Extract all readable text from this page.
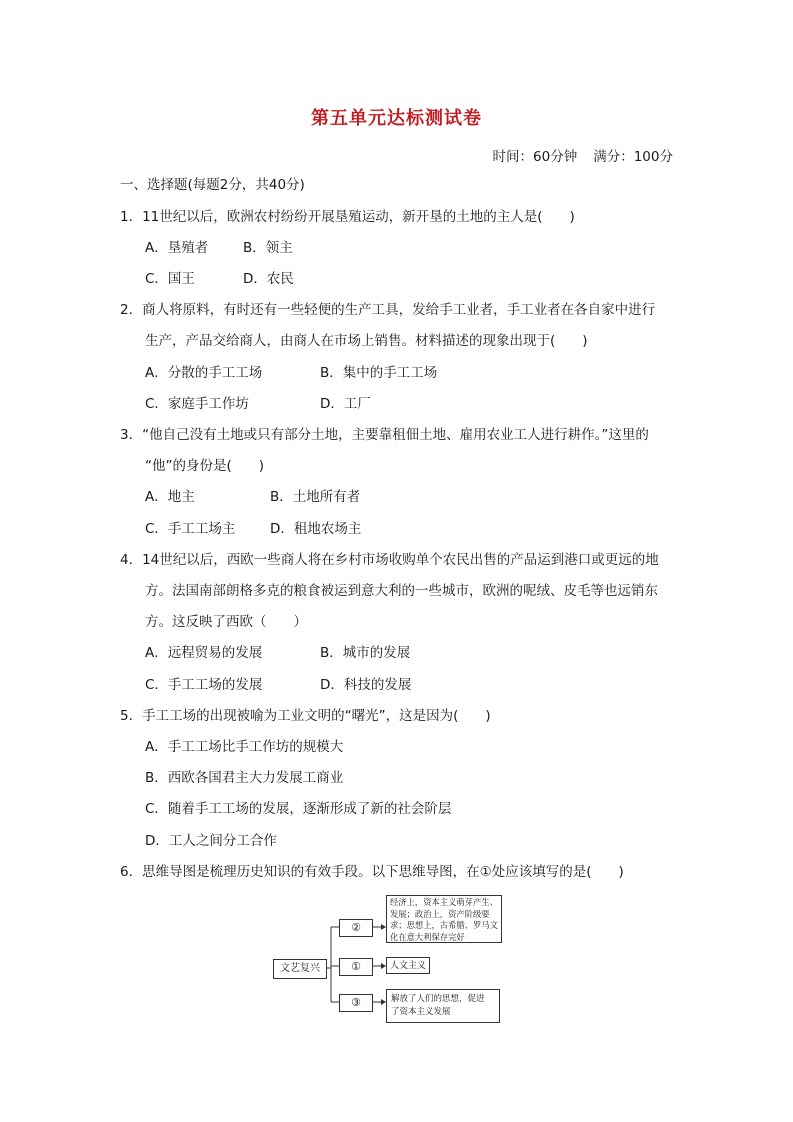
第五单元达标测试卷
时间：60分钟 满分：100分
一、选择题(每题2分，共40分)
1．11世纪以后，欧洲农村纷纷开展垦殖运动，新开垦的土地的主人是(　　)
A．垦殖者	B．领主
C．国王	D．农民
2．商人将原料，有时还有一些轻便的生产工具，发给手工业者，手工业者在各自家中进行
生产，产品交给商人，由商人在市场上销售。材料描述的现象出现于(　　)
A．分散的手工工场	B．集中的手工工场
C．家庭手工作坊	D．工厂
3．“他自己没有土地或只有部分土地，主要靠租佃土地、雇用农业工人进行耕作。”这里的
“他”的身份是(　　)
A．地主	B．土地所有者
C．手工工场主	D．租地农场主
4．14世纪以后，西欧一些商人将在乡村市场收购单个农民出售的产品运到港口或更远的地
方。法国南部朗格多克的粮食被运到意大利的一些城市，欧洲的呢绒、皮毛等也远销东
方。这反映了西欧（　　）
A．远程贸易的发展	B．城市的发展
C．手工工场的发展	D．科技的发展
5．手工工场的出现被喻为工业文明的“曙光”，这是因为(　　)
A．手工工场比手工作坊的规模大
B．西欧各国君主大力发展工商业
C．随着手工工场的发展，逐渐形成了新的社会阶层
D．工人之间分工合作
6．思维导图是梳理历史知识的有效手段。以下思维导图，在①处应该填写的是(　　)
文艺复兴
②
①
③
经济上，资本主义萌芽产生、
发展；政治上，资产阶级要
求；思想上，古希腊、罗马文
化在意大利保存完好
人文主义
解放了人们的思想，促进
了资本主义发展
